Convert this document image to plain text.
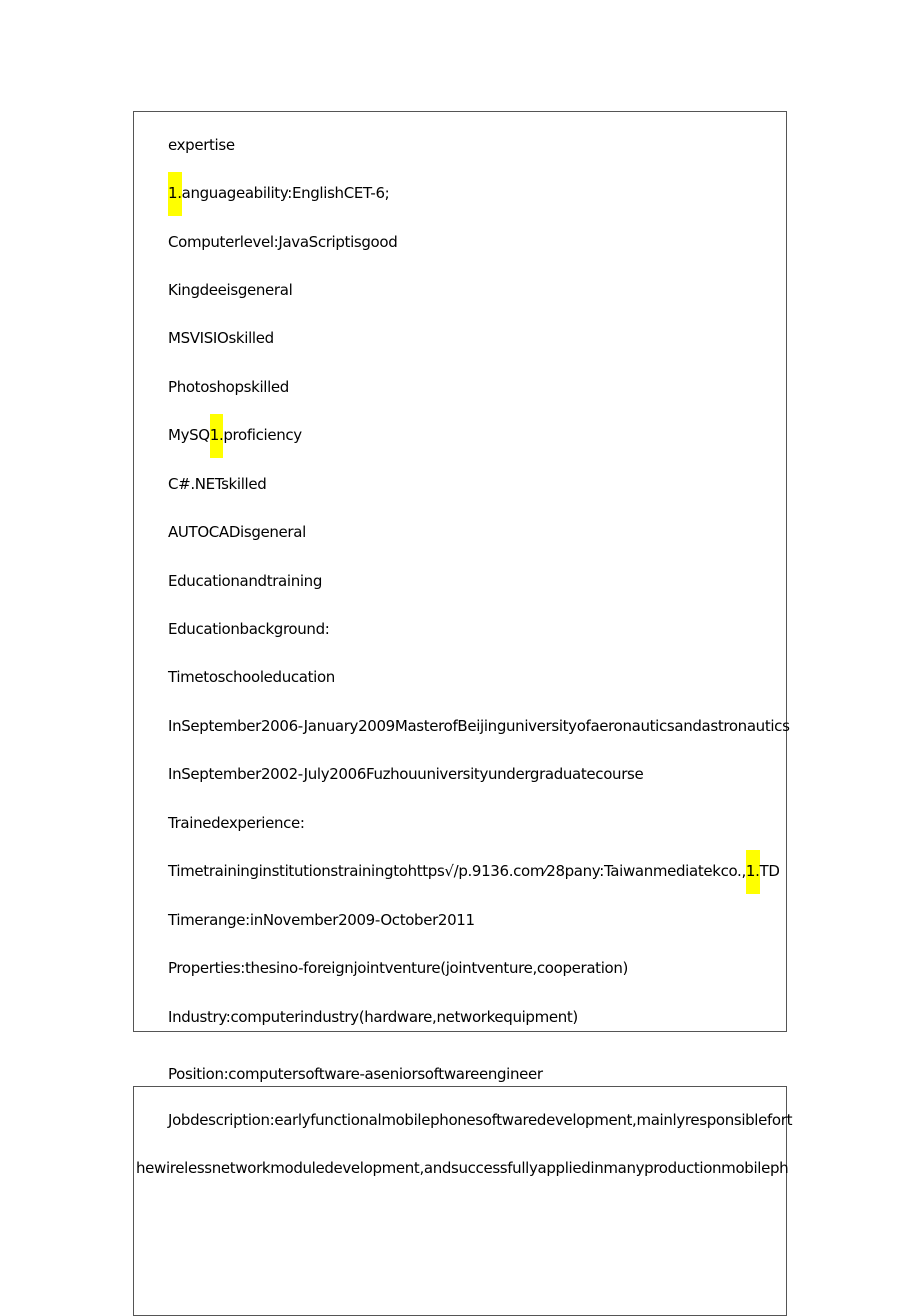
expertise
1.anguageability:EnglishCET-6;
Computerlevel:JavaScriptisgood
Kingdeeisgeneral
MSVISIOskilled
Photoshopskilled
MySQ1.proficiency
C#.NETskilled
AUTOCADisgeneral
Educationandtraining
Educationbackground:
Timetoschooleducation
InSeptember2006-January2009MasterofBeijinguniversityofaeronauticsandastronautics
InSeptember2002-July2006Fuzhouuniversityundergraduatecourse
Trainedexperience:
Timetraininginstitutionstrainingtohttps√/p.9136.com⁄28pany:Taiwanmediatekco.,1.TD
Timerange:inNovember2009-October2011
Properties:thesino-foreignjointventure(jointventure,cooperation)
Industry:computerindustry(hardware,networkequipment)
Position:computersoftware-aseniorsoftwareengineer
Jobdescription:earlyfunctionalmobilephonesoftwaredevelopment,mainlyresponsiblefort
hewirelessnetworkmoduledevelopment,andsuccessfullyappliedinmanyproductionmobileph
